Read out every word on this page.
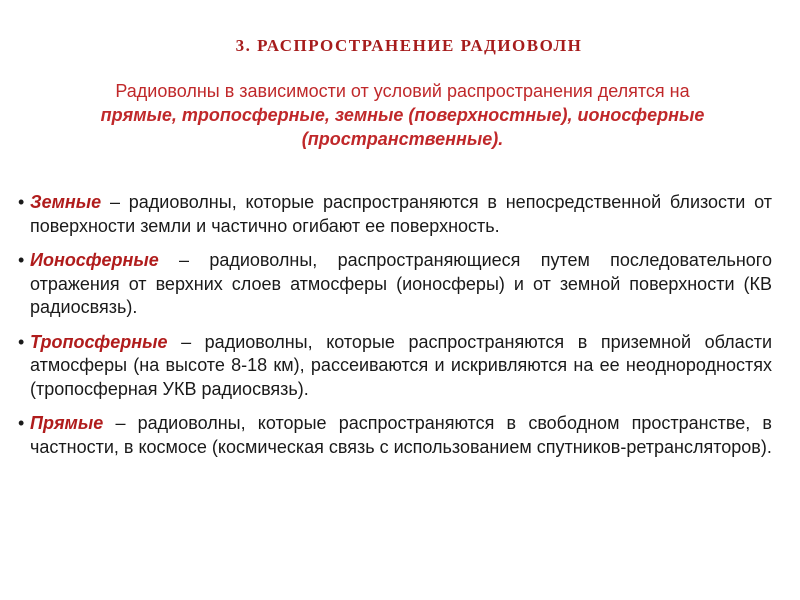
3. РАСПРОСТРАНЕНИЕ РАДИОВОЛН
Радиоволны в зависимости от условий распространения делятся на
прямые, тропосферные, земные (поверхностные), ионосферные (пространственные).
• Земные – радиоволны, которые распространяются в непосредственной близости от поверхности земли и частично огибают ее поверхность.
• Ионосферные – радиоволны, распространяющиеся путем последовательного отражения от верхних слоев атмосферы (ионосферы) и от земной поверхности (КВ радиосвязь).
• Тропосферные – радиоволны, которые распространяются в приземной области атмосферы (на высоте 8-18 км), рассеиваются и искривляются на ее неоднородностях (тропосферная УКВ радиосвязь).
• Прямые – радиоволны, которые распространяются в свободном пространстве, в частности, в космосе (космическая связь с использованием спутников-ретрансляторов).
